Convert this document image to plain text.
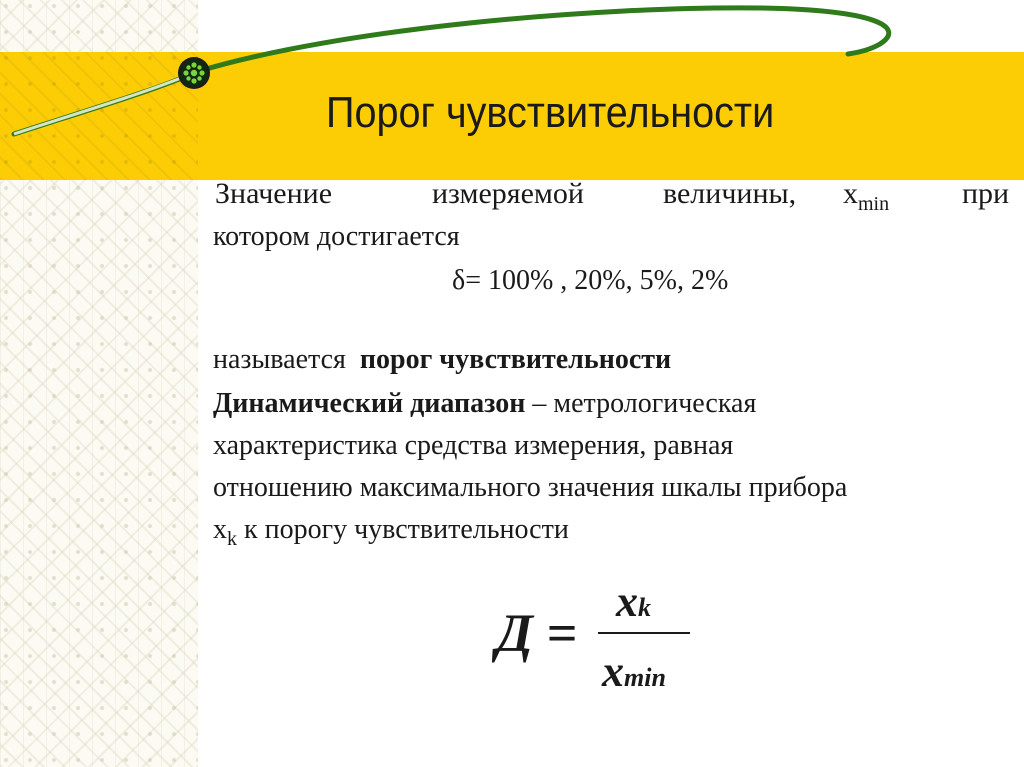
Порог чувствительности
Значение	измеряемой	величины, $x_{min}$ при
котором достигается
δ= 100% , 20%, 5%, 2%
называется порог чувствительности
Динамический диапазон – метрологическая
характеристика средства измерения, равная
отношению максимального значения шкалы прибора
$x_k$ к порогу чувствительности
Д =
xk
xmin
